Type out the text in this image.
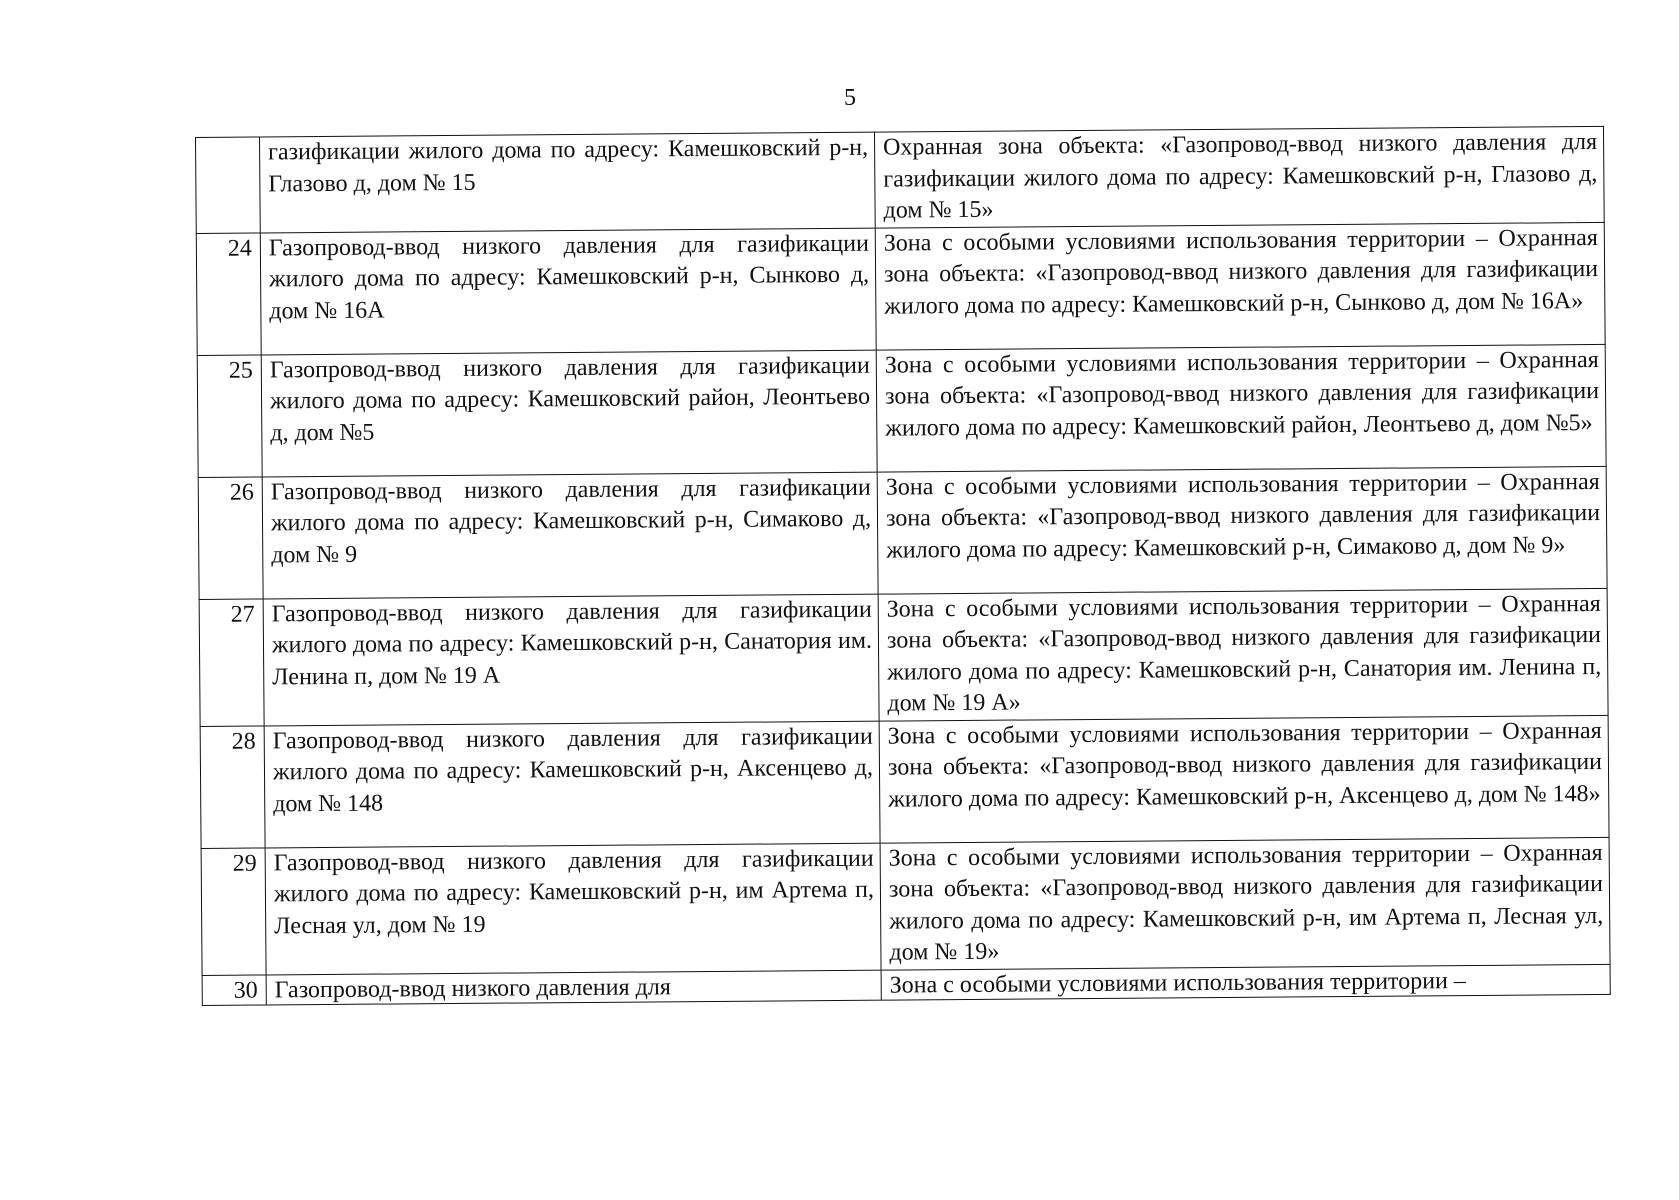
5
	газификации жилого дома по адресу: Камешковский р-н, Глазово д, дом № 15	Охранная зона объекта: «Газопровод-ввод низкого давления для газификации жилого дома по адресу: Камешковский р-н, Глазово д, дом № 15»
24	Газопровод-ввод низкого давления для газификации жилого дома по адресу: Камешковский р-н, Сынково д, дом № 16А	Зона с особыми условиями использования территории – Охранная зона объекта: «Газопровод-ввод низкого давления для газификации жилого дома по адресу: Камешковский р-н, Сынково д, дом № 16А»
25	Газопровод-ввод низкого давления для газификации жилого дома по адресу: Камешковский район, Леонтьево д, дом №5	Зона с особыми условиями использования территории – Охранная зона объекта: «Газопровод-ввод низкого давления для газификации жилого дома по адресу: Камешковский район, Леонтьево д, дом №5»
26	Газопровод-ввод низкого давления для газификации жилого дома по адресу: Камешковский р-н, Симаково д, дом № 9	Зона с особыми условиями использования территории – Охранная зона объекта: «Газопровод-ввод низкого давления для газификации жилого дома по адресу: Камешковский р-н, Симаково д, дом № 9»
27	Газопровод-ввод низкого давления для газификации жилого дома по адресу: Камешковский р-н, Санатория им. Ленина п, дом № 19 А	Зона с особыми условиями использования территории – Охранная зона объекта: «Газопровод-ввод низкого давления для газификации жилого дома по адресу: Камешковский р-н, Санатория им. Ленина п, дом № 19 А»
28	Газопровод-ввод низкого давления для газификации жилого дома по адресу: Камешковский р-н, Аксенцево д, дом № 148	Зона с особыми условиями использования территории – Охранная зона объекта: «Газопровод-ввод низкого давления для газификации жилого дома по адресу: Камешковский р-н, Аксенцево д, дом № 148»
29	Газопровод-ввод низкого давления для газификации жилого дома по адресу: Камешковский р-н, им Артема п, Лесная ул, дом № 19	Зона с особыми условиями использования территории – Охранная зона объекта: «Газопровод-ввод низкого давления для газификации жилого дома по адресу: Камешковский р-н, им Артема п, Лесная ул, дом № 19»

30	Газопровод-ввод низкого давления для	Зона с особыми условиями использования территории –
